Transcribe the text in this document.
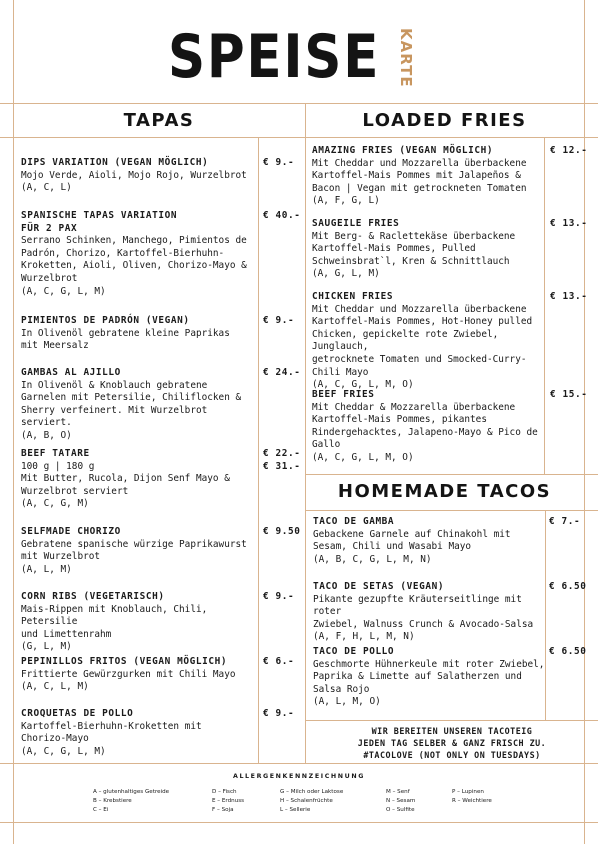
SPEISE KARTE
TAPAS	LOADED FRIES
HOMEMADE TACOS
DIPS VARIATION (VEGAN MÖGLICH)
Mojo Verde, Aioli, Mojo Rojo, Wurzelbrot
(A, C, L)
€ 9.-
SPANISCHE TAPAS VARIATION
FÜR 2 PAX
Serrano Schinken, Manchego, Pimientos de
Padrón, Chorizo, Kartoffel-Bierhuhn-
Kroketten, Aioli, Oliven, Chorizo-Mayo &
Wurzelbrot
(A, C, G, L, M)
€ 40.-
PIMIENTOS DE PADRÓN (VEGAN)
In Olivenöl gebratene kleine Paprikas
mit Meersalz
€ 9.-
GAMBAS AL AJILLO
In Olivenöl & Knoblauch gebratene
Garnelen mit Petersilie, Chiliflocken &
Sherry verfeinert. Mit Wurzelbrot serviert.
(A, B, O)
€ 24.-
BEEF TATARE
100 g | 180 g
Mit Butter, Rucola, Dijon Senf Mayo &
Wurzelbrot serviert
(A, C, G, M)
€ 22.-
€ 31.-
SELFMADE CHORIZO
Gebratene spanische würzige Paprikawurst
mit Wurzelbrot
(A, L, M)
€ 9.50
CORN RIBS (VEGETARISCH)
Mais-Rippen mit Knoblauch, Chili, Petersilie
und Limettenrahm
(G, L, M)
€ 9.-
PEPINILLOS FRITOS (VEGAN MÖGLICH)
Frittierte Gewürzgurken mit Chili Mayo
(A, C, L, M)
€ 6.-
CROQUETAS DE POLLO
Kartoffel-Bierhuhn-Kroketten mit
Chorizo-Mayo
(A, C, G, L, M)
€ 9.-
AMAZING FRIES (VEGAN MÖGLICH)
Mit Cheddar und Mozzarella überbackene
Kartoffel-Mais Pommes mit Jalapeños &
Bacon | Vegan mit getrockneten Tomaten
(A, F, G, L)
€ 12.-
SAUGEILE FRIES
Mit Berg- & Raclettekäse überbackene
Kartoffel-Mais Pommes, Pulled
Schweinsbrat`l, Kren & Schnittlauch
(A, G, L, M)
€ 13.-
CHICKEN FRIES
Mit Cheddar und Mozzarella überbackene
Kartoffel-Mais Pommes, Hot-Honey pulled
Chicken, gepickelte rote Zwiebel, Junglauch,
getrocknete Tomaten und Smocked-Curry-
Chili Mayo
(A, C, G, L, M, O)
€ 13.-
BEEF FRIES
Mit Cheddar & Mozzarella überbackene
Kartoffel-Mais Pommes, pikantes
Rindergehacktes, Jalapeno-Mayo & Pico de
Gallo
(A, C, G, L, M, O)
€ 15.-
TACO DE GAMBA
Gebackene Garnele auf Chinakohl mit
Sesam, Chili und Wasabi Mayo
(A, B, C, G, L, M, N)
€ 7.-
TACO DE SETAS (VEGAN)
Pikante gezupfte Kräuterseitlinge mit roter
Zwiebel, Walnuss Crunch & Avocado-Salsa
(A, F, H, L, M, N)
€ 6.50
TACO DE POLLO
Geschmorte Hühnerkeule mit roter Zwiebel,
Paprika & Limette auf Salatherzen und
Salsa Rojo
(A, L, M, O)
€ 6.50
WIR BEREITEN UNSEREN TACOTEIG
JEDEN TAG SELBER & GANZ FRISCH ZU.
#TACOLOVE (NOT ONLY ON TUESDAYS)
ALLERGENKENNZEICHNUNG
A – glutenhaltiges Getreide
B – Krebstiere
C – Ei
D – Fisch
E – Erdnuss
F – Soja
G – Milch oder Laktose
H – Schalenfrüchte
L – Sellerie
M – Senf
N – Sesam
O – Sulfite
P – Lupinen
R – Weichtiere
